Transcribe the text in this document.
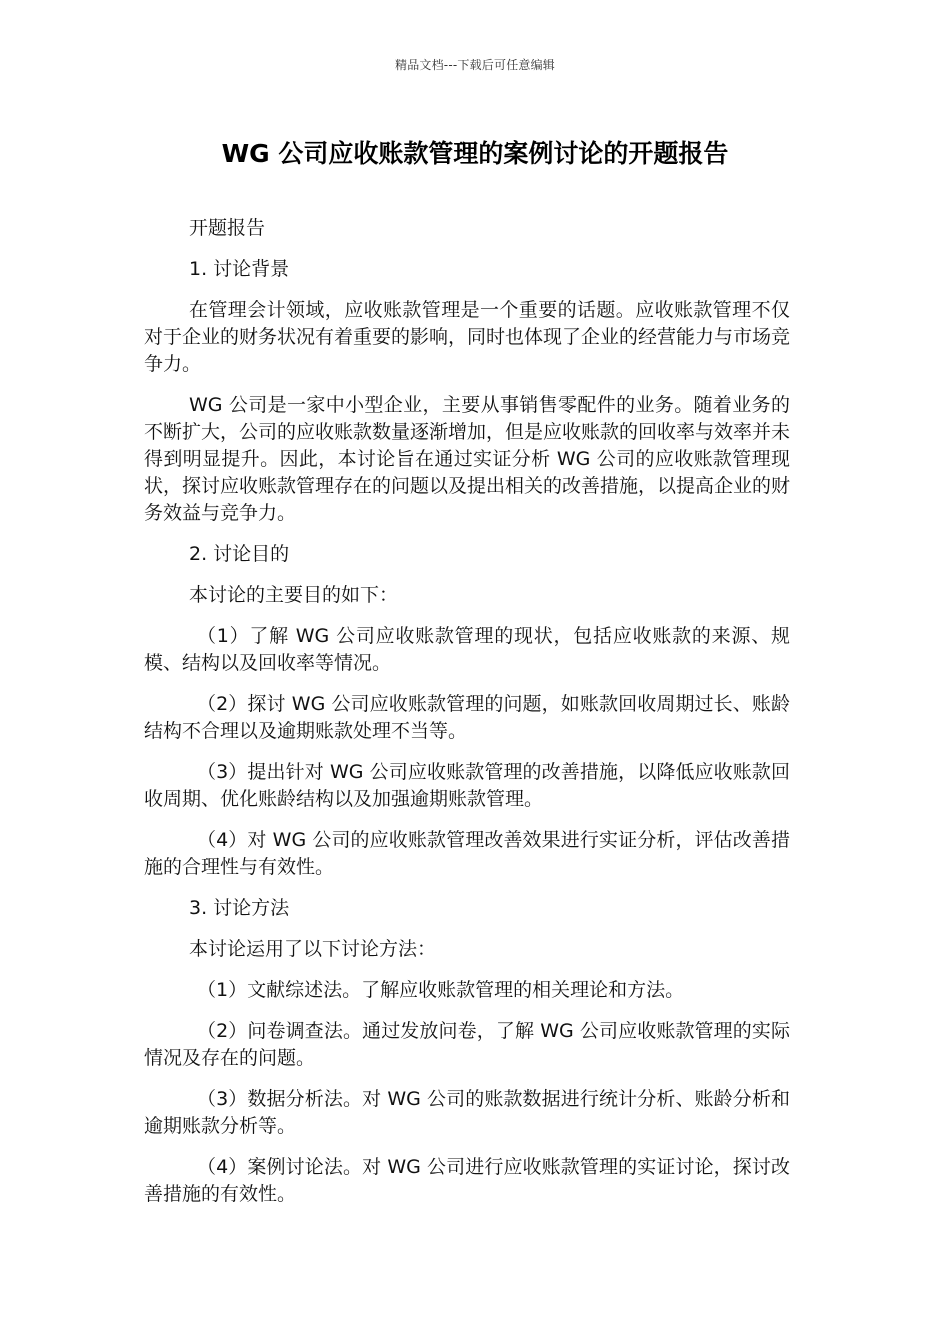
精品文档---下载后可任意编辑
WG 公司应收账款管理的案例讨论的开题报告

开题报告

1. 讨论背景

在管理会计领域，应收账款管理是一个重要的话题。应收账款管理不仅对于企业的财务状况有着重要的影响，同时也体现了企业的经营能力与市场竞争力。

WG 公司是一家中小型企业，主要从事销售零配件的业务。随着业务的不断扩大，公司的应收账款数量逐渐增加，但是应收账款的回收率与效率并未得到明显提升。因此，本讨论旨在通过实证分析 WG 公司的应收账款管理现状，探讨应收账款管理存在的问题以及提出相关的改善措施，以提高企业的财务效益与竞争力。

2. 讨论目的

本讨论的主要目的如下：

（1）了解 WG 公司应收账款管理的现状，包括应收账款的来源、规模、结构以及回收率等情况。

（2）探讨 WG 公司应收账款管理的问题，如账款回收周期过长、账龄结构不合理以及逾期账款处理不当等。

（3）提出针对 WG 公司应收账款管理的改善措施，以降低应收账款回收周期、优化账龄结构以及加强逾期账款管理。

（4）对 WG 公司的应收账款管理改善效果进行实证分析，评估改善措施的合理性与有效性。

3. 讨论方法

本讨论运用了以下讨论方法：

（1）文献综述法。了解应收账款管理的相关理论和方法。

（2）问卷调查法。通过发放问卷，了解 WG 公司应收账款管理的实际情况及存在的问题。

（3）数据分析法。对 WG 公司的账款数据进行统计分析、账龄分析和逾期账款分析等。

（4）案例讨论法。对 WG 公司进行应收账款管理的实证讨论，探讨改善措施的有效性。
